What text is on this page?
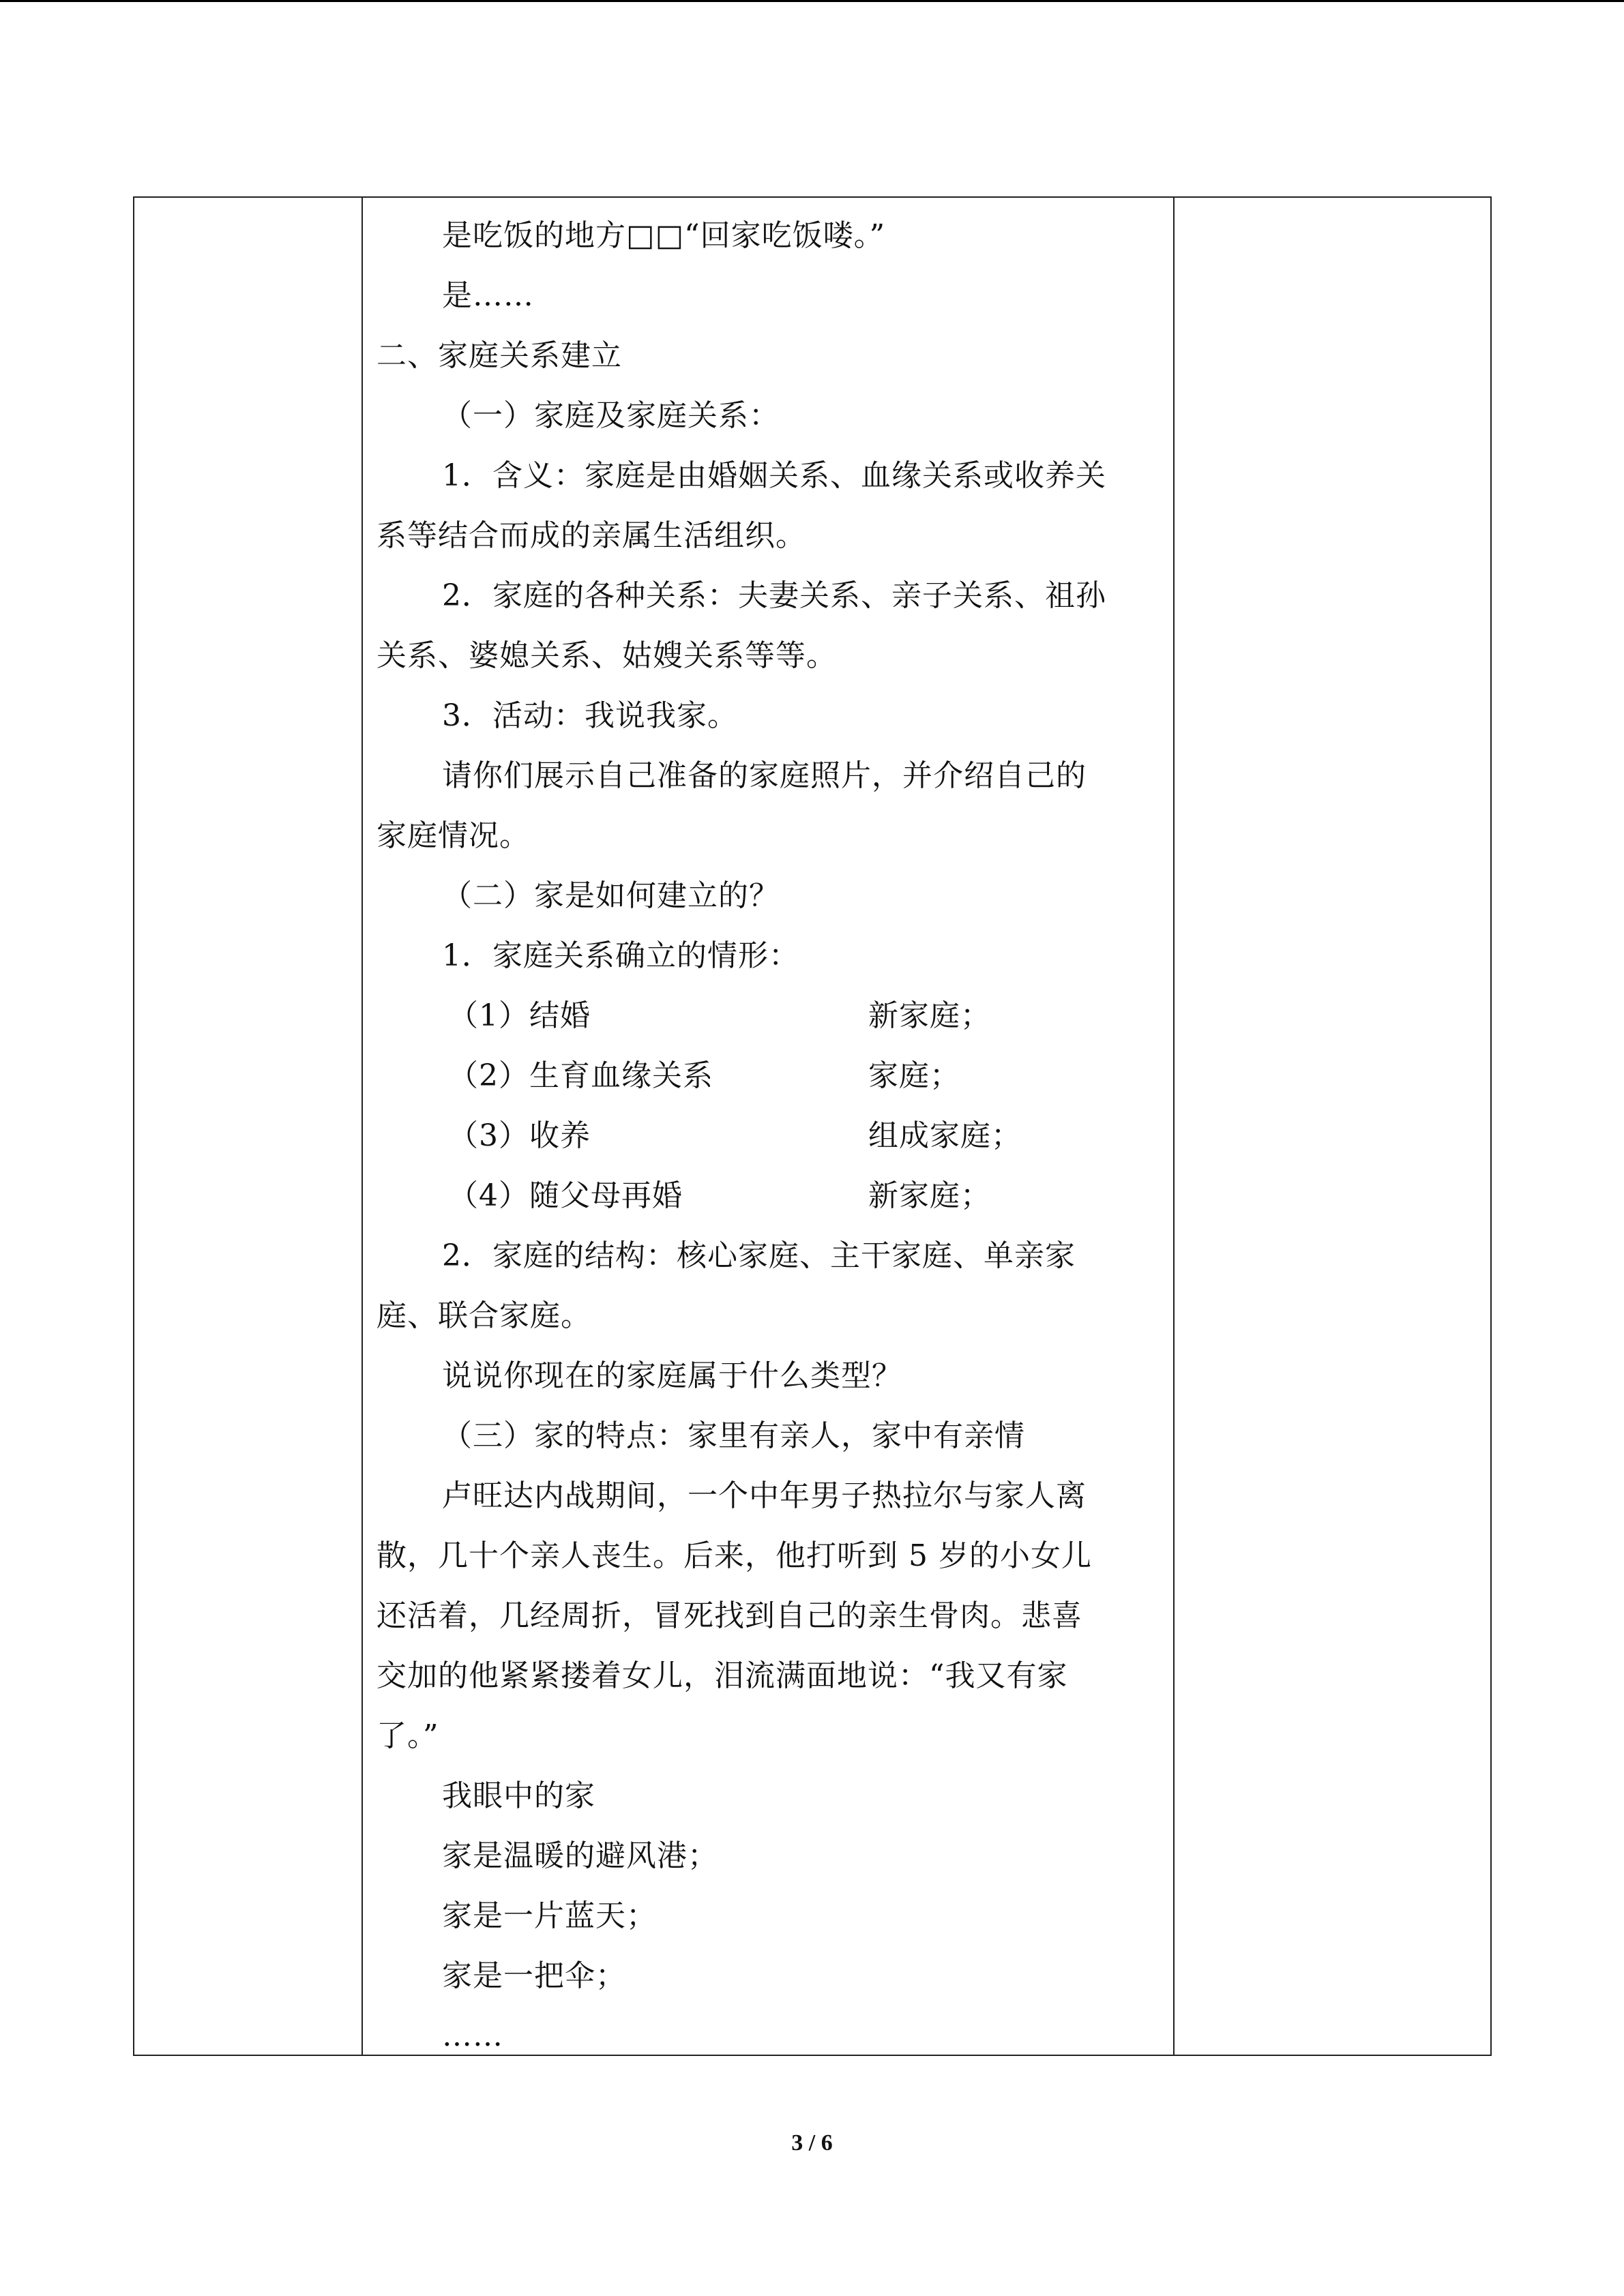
是吃饭的地方□□“回家吃饭喽。”
是……
二、家庭关系建立
（一）家庭及家庭关系：
1．含义：家庭是由婚姻关系、血缘关系或收养关
系等结合而成的亲属生活组织。
2．家庭的各种关系：夫妻关系、亲子关系、祖孙
关系、婆媳关系、姑嫂关系等等。
3．活动：我说我家。
请你们展示自己准备的家庭照片，并介绍自己的
家庭情况。
（二）家是如何建立的？
1．家庭关系确立的情形：
（1）结婚	新家庭；
（2）生育血缘关系	家庭；
（3）收养	组成家庭；
（4）随父母再婚	新家庭；
2．家庭的结构：核心家庭、主干家庭、单亲家
庭、联合家庭。
说说你现在的家庭属于什么类型？
（三）家的特点：家里有亲人，家中有亲情
卢旺达内战期间，一个中年男子热拉尔与家人离
散，几十个亲人丧生。后来，他打听到 5 岁的小女儿
还活着，几经周折，冒死找到自己的亲生骨肉。悲喜
交加的他紧紧搂着女儿，泪流满面地说：“我又有家
了。”
我眼中的家
家是温暖的避风港；
家是一片蓝天；
家是一把伞；
……
3 / 6
